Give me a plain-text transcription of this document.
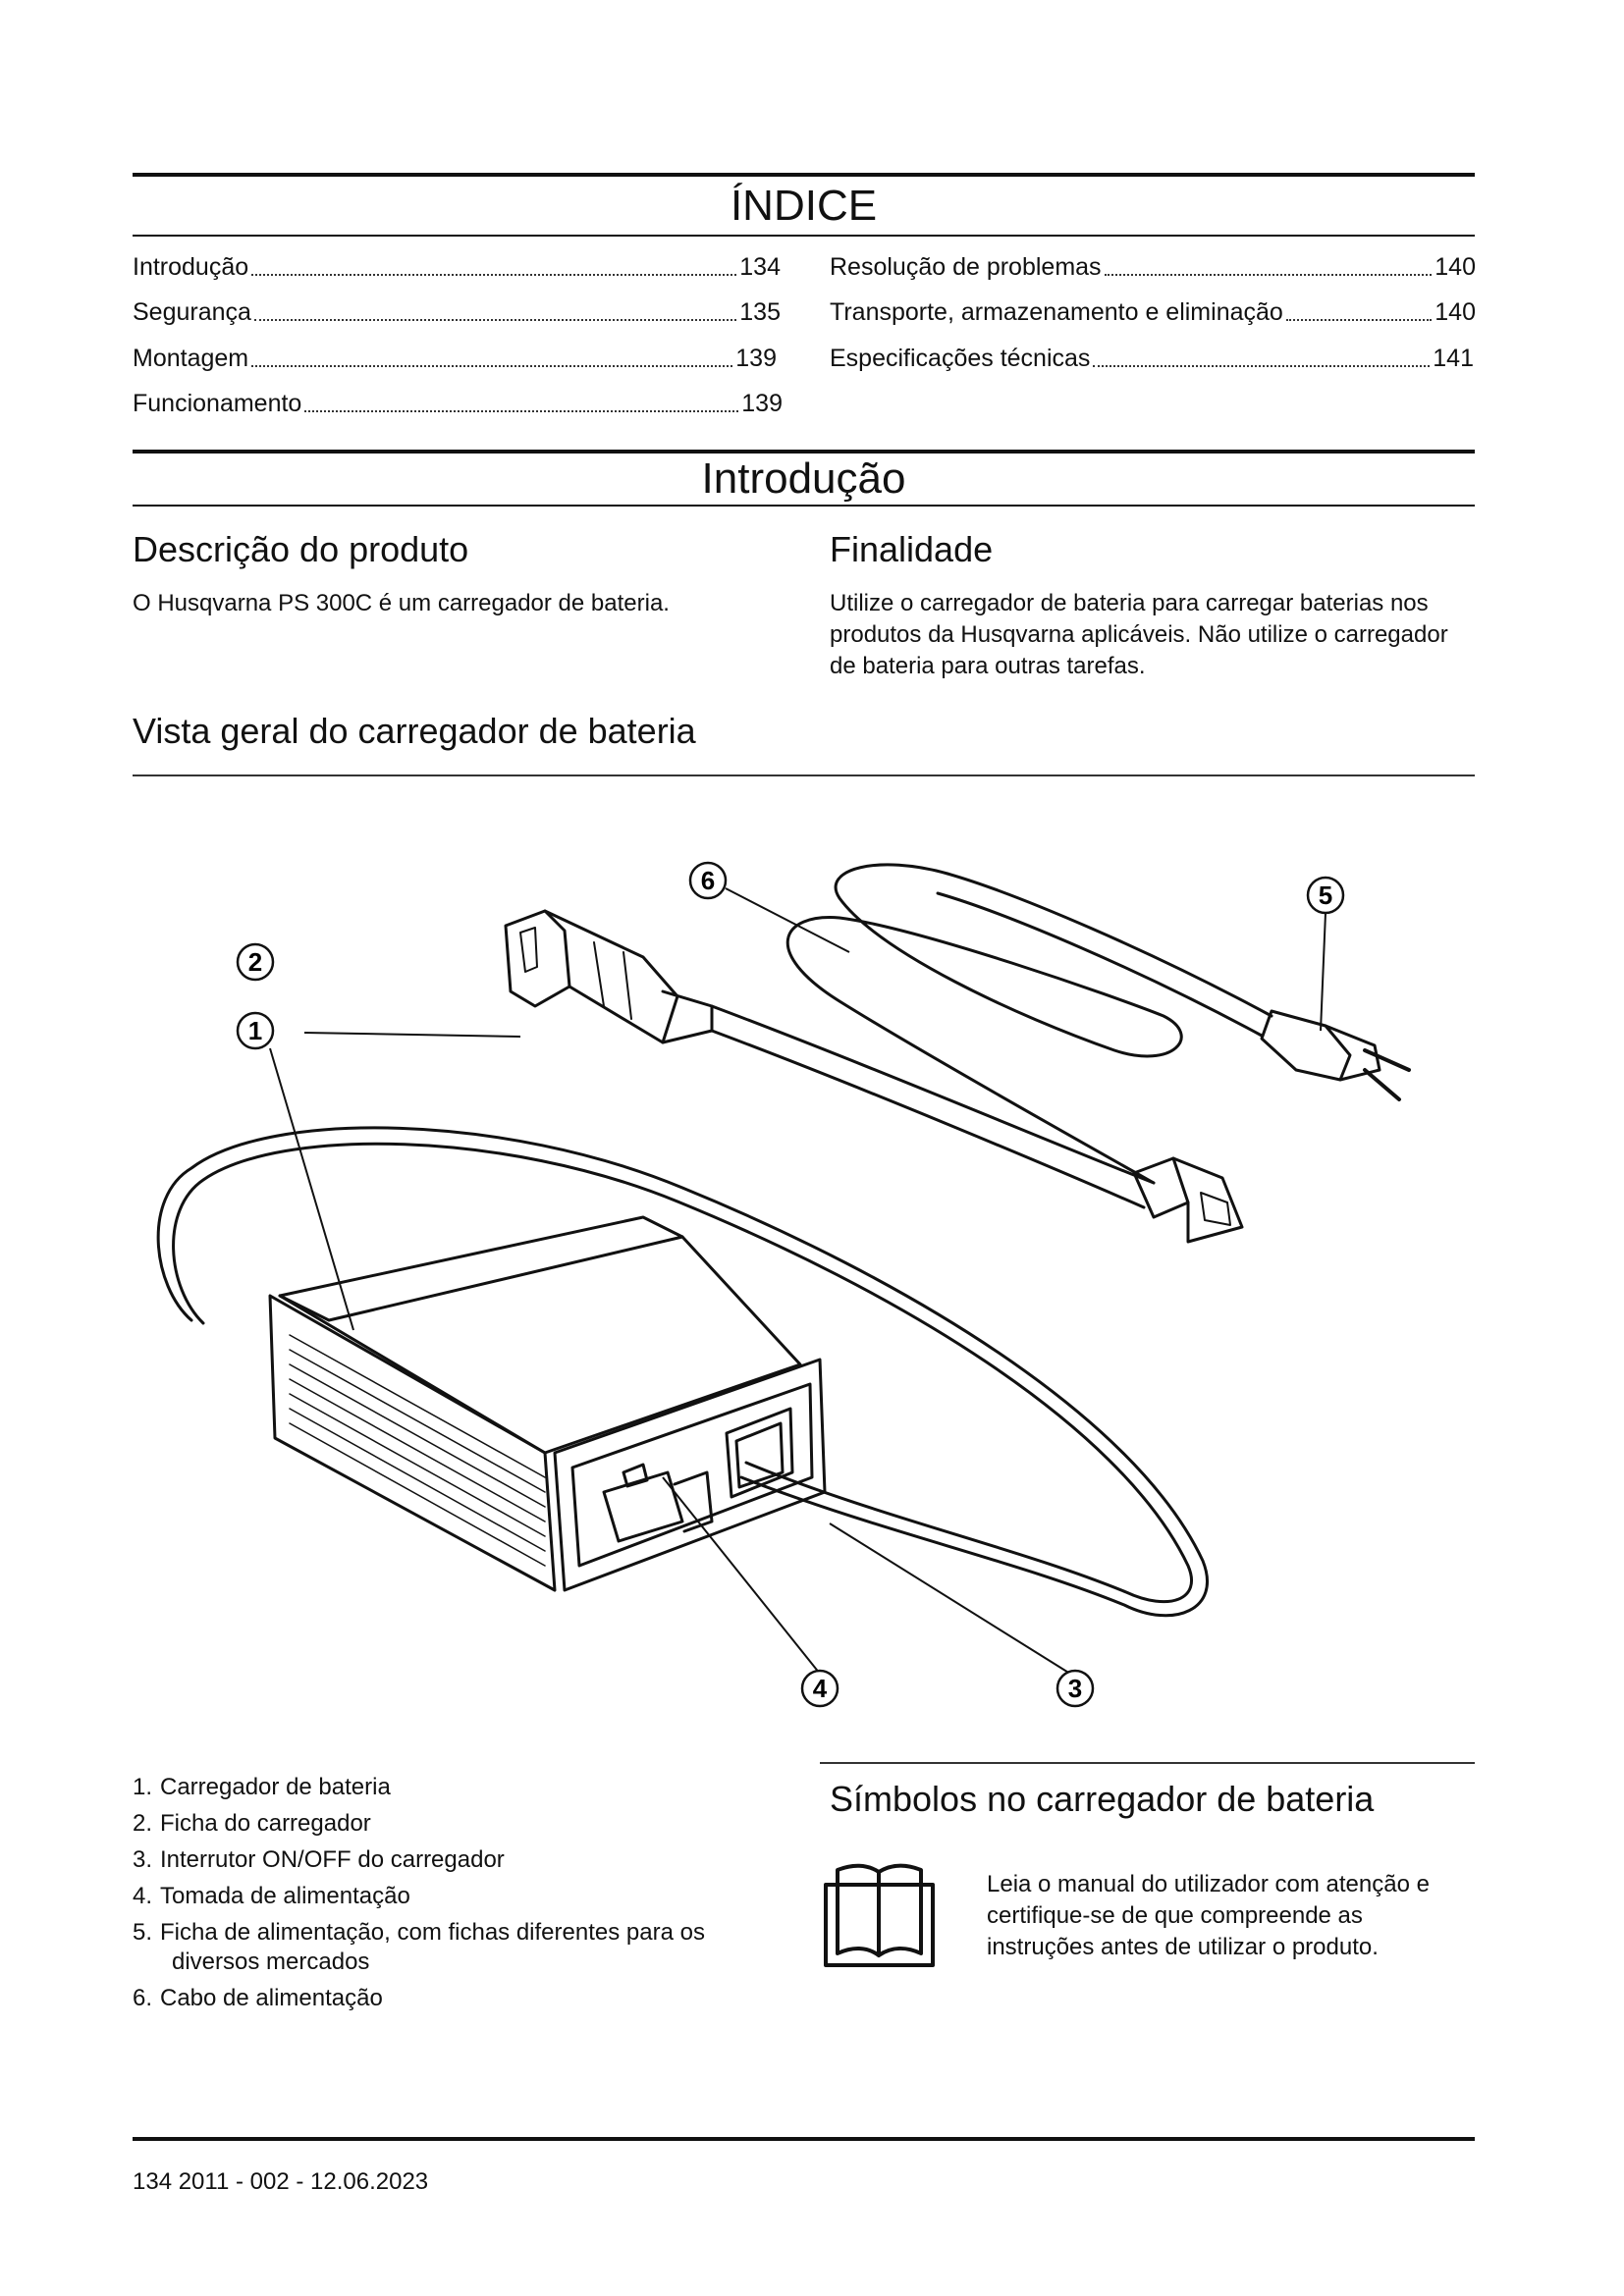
ÍNDICE
Introdução	134
Segurança	135
Montagem	139
Funcionamento	139
Resolução de problemas	140
Transporte, armazenamento e eliminação	140
Especificações técnicas	141
Introdução
Descrição do produto
O Husqvarna PS 300C é um carregador de bateria.
Finalidade
Utilize o carregador de bateria para carregar baterias nos produtos da Husqvarna aplicáveis. Não utilize o carregador de bateria para outras tarefas.
Vista geral do carregador de bateria
1
2
3
4
5
6
1. Carregador de bateria
2. Ficha do carregador
3. Interrutor ON/OFF do carregador
4. Tomada de alimentação
5. Ficha de alimentação, com fichas diferentes para os
diversos mercados
6. Cabo de alimentação
Símbolos no carregador de bateria
Leia o manual do utilizador com atenção e certifique-se de que compreende as instruções antes de utilizar o produto.
134 2011 - 002 - 12.06.2023
